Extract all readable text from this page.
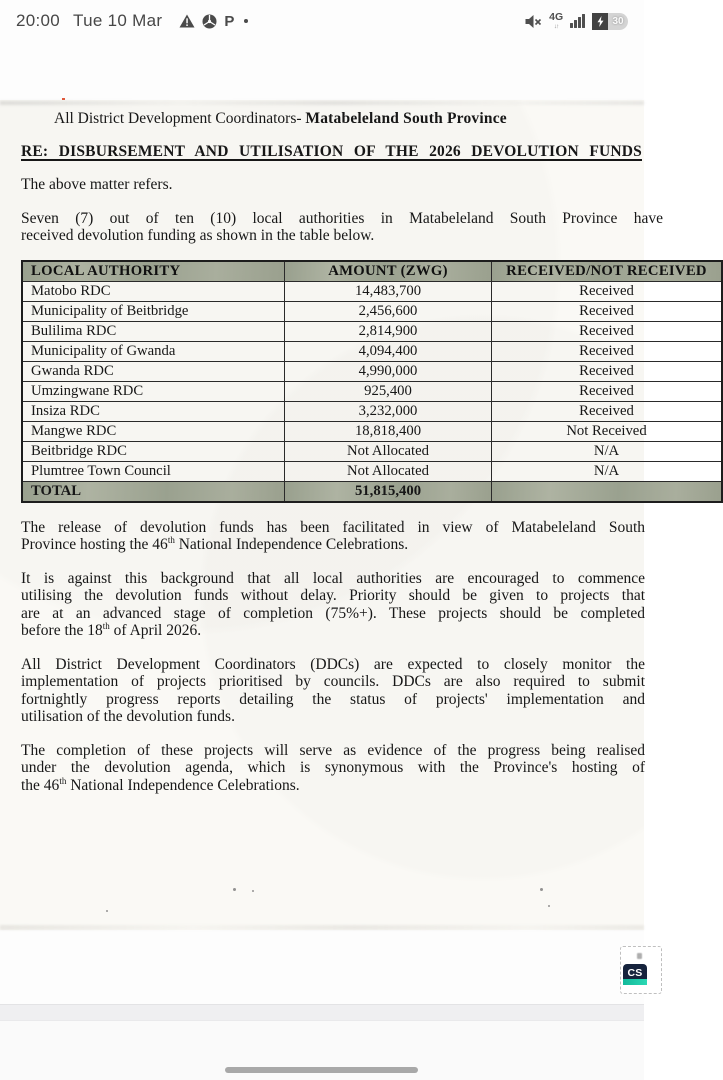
20:00 Tue 10 Mar	P	4G
↓↑	30
Search
All District Development Coordinators- Matabeleland South Province
RE: DISBURSEMENT AND UTILISATION OF THE 2026 DEVOLUTION FUNDS
The above matter refers.
Seven (7) out of ten (10) local authorities in Matabeleland South Province have
received devolution funding as shown in the table below.
LOCAL AUTHORITY	AMOUNT (ZWG)	RECEIVED/NOT RECEIVED
Matobo RDC	14,483,700	Received
Municipality of Beitbridge	2,456,600	Received
Bulilima RDC	2,814,900	Received
Municipality of Gwanda	4,094,400	Received
Gwanda RDC	4,990,000	Received
Umzingwane RDC	925,400	Received
Insiza RDC	3,232,000	Received
Mangwe RDC	18,818,400	Not Received
Beitbridge RDC	Not Allocated	N/A
Plumtree Town Council	Not Allocated	N/A
TOTAL	51,815,400	
The release of devolution funds has been facilitated in view of Matabeleland South
Province hosting the 46th National Independence Celebrations.
It is against this background that all local authorities are encouraged to commence
utilising the devolution funds without delay. Priority should be given to projects that
are at an advanced stage of completion (75%+). These projects should be completed
before the 18th of April 2026.
All District Development Coordinators (DDCs) are expected to closely monitor the
implementation of projects prioritised by councils. DDCs are also required to submit
fortnightly progress reports detailing the status of projects' implementation and
utilisation of the devolution funds.
The completion of these projects will serve as evidence of the progress being realised
under the devolution agenda, which is synonymous with the Province's hosting of
the 46th National Independence Celebrations.
CS
